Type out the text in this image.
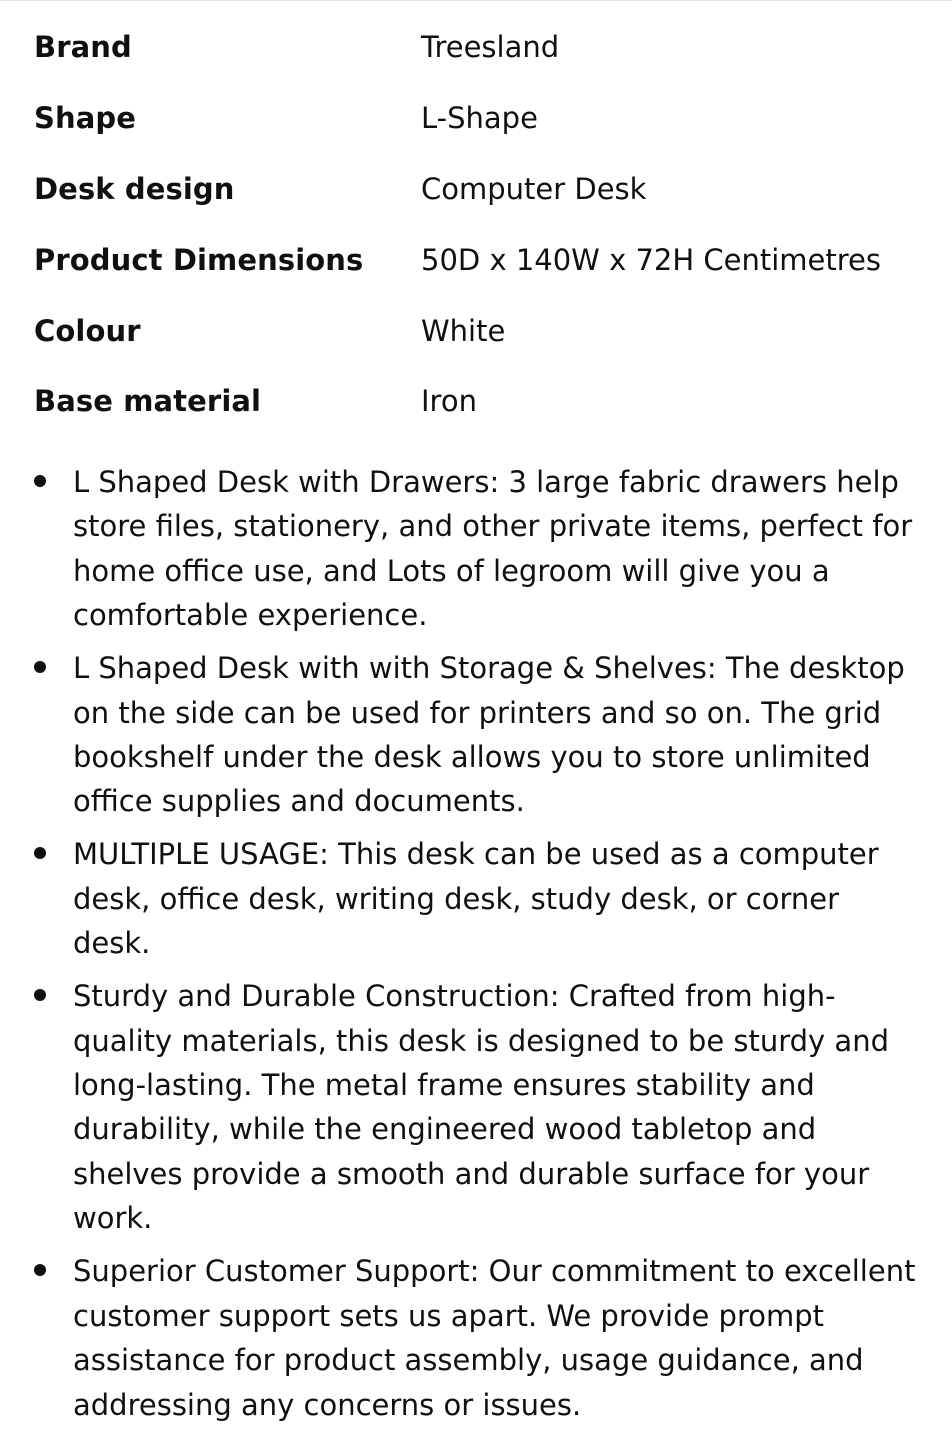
Brand	Treesland
Shape	L-Shape
Desk design	Computer Desk
Product Dimensions	50D x 140W x 72H Centimetres
Colour	White
Base material	Iron
L Shaped Desk with Drawers: 3 large fabric drawers help store files, stationery, and other private items, perfect for home office use, and Lots of legroom will give you a comfortable experience.
L Shaped Desk with with Storage & Shelves: The desktop on the side can be used for printers and so on. The grid bookshelf under the desk allows you to store unlimited office supplies and documents.
MULTIPLE USAGE: This desk can be used as a computer desk, office desk, writing desk, study desk, or corner desk.
Sturdy and Durable Construction: Crafted from high-quality materials, this desk is designed to be sturdy and long-lasting. The metal frame ensures stability and durability, while the engineered wood tabletop and shelves provide a smooth and durable surface for your work.
Superior Customer Support: Our commitment to excellent customer support sets us apart. We provide prompt assistance for product assembly, usage guidance, and addressing any concerns or issues.
